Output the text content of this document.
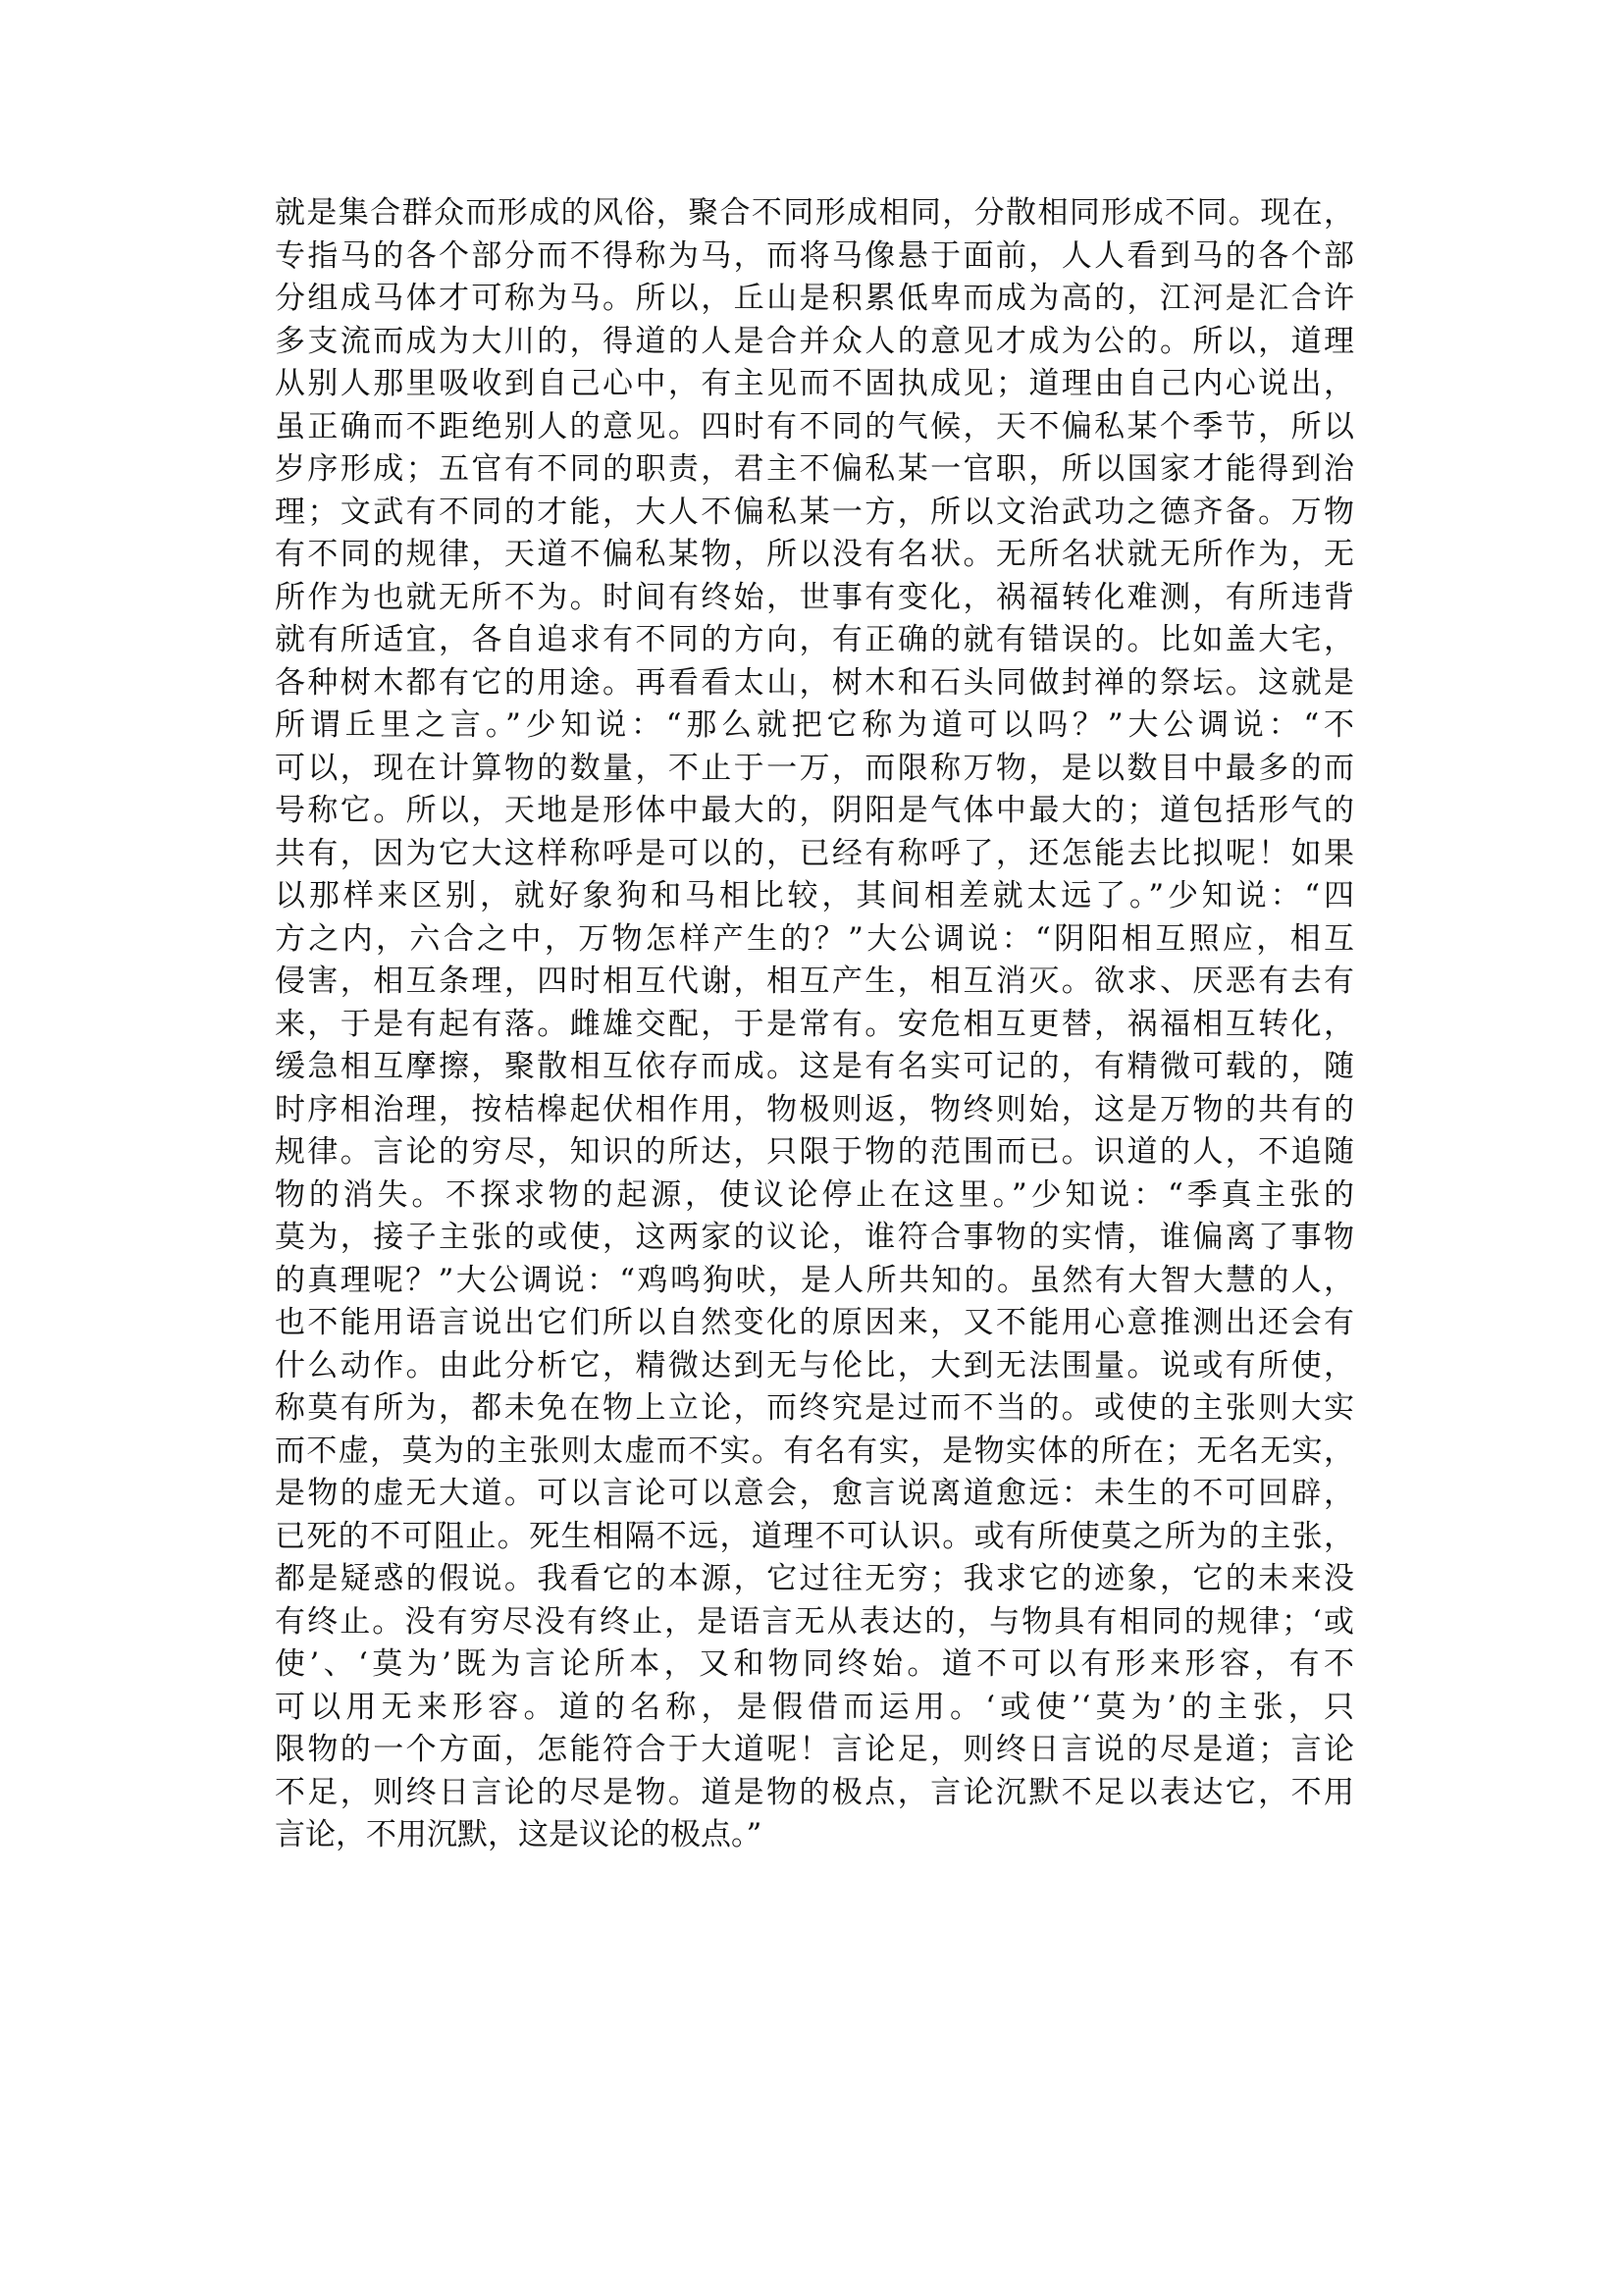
就是集合群众而形成的风俗，聚合不同形成相同，分散相同形成不同。现在，
专指马的各个部分而不得称为马，而将马像悬于面前，人人看到马的各个部
分组成马体才可称为马。所以，丘山是积累低卑而成为高的，江河是汇合许
多支流而成为大川的，得道的人是合并众人的意见才成为公的。所以，道理
从别人那里吸收到自己心中，有主见而不固执成见；道理由自己内心说出，
虽正确而不距绝别人的意见。四时有不同的气候，天不偏私某个季节，所以
岁序形成；五官有不同的职责，君主不偏私某一官职，所以国家才能得到治
理；文武有不同的才能，大人不偏私某一方，所以文治武功之德齐备。万物
有不同的规律，天道不偏私某物，所以没有名状。无所名状就无所作为，无
所作为也就无所不为。时间有终始，世事有变化，祸福转化难测，有所违背
就有所适宜，各自追求有不同的方向，有正确的就有错误的。比如盖大宅，
各种树木都有它的用途。再看看太山，树木和石头同做封禅的祭坛。这就是
所谓丘里之言。”少知说：“那么就把它称为道可以吗？”大公调说：“不
可以，现在计算物的数量，不止于一万，而限称万物，是以数目中最多的而
号称它。所以，天地是形体中最大的，阴阳是气体中最大的；道包括形气的
共有，因为它大这样称呼是可以的，已经有称呼了，还怎能去比拟呢！如果
以那样来区别，就好象狗和马相比较，其间相差就太远了。”少知说：“四
方之内，六合之中，万物怎样产生的？”大公调说：“阴阳相互照应，相互
侵害，相互条理，四时相互代谢，相互产生，相互消灭。欲求、厌恶有去有
来，于是有起有落。雌雄交配，于是常有。安危相互更替，祸福相互转化，
缓急相互摩擦，聚散相互依存而成。这是有名实可记的，有精微可载的，随
时序相治理，按桔槔起伏相作用，物极则返，物终则始，这是万物的共有的
规律。言论的穷尽，知识的所达，只限于物的范围而已。识道的人，不追随
物的消失。不探求物的起源，使议论停止在这里。”少知说：“季真主张的
莫为，接子主张的或使，这两家的议论，谁符合事物的实情，谁偏离了事物
的真理呢？”大公调说：“鸡鸣狗吠，是人所共知的。虽然有大智大慧的人，
也不能用语言说出它们所以自然变化的原因来，又不能用心意推测出还会有
什么动作。由此分析它，精微达到无与伦比，大到无法围量。说或有所使，
称莫有所为，都未免在物上立论，而终究是过而不当的。或使的主张则大实
而不虚，莫为的主张则太虚而不实。有名有实，是物实体的所在；无名无实，
是物的虚无大道。可以言论可以意会，愈言说离道愈远：未生的不可回辟，
已死的不可阻止。死生相隔不远，道理不可认识。或有所使莫之所为的主张，
都是疑惑的假说。我看它的本源，它过往无穷；我求它的迹象，它的未来没
有终止。没有穷尽没有终止，是语言无从表达的，与物具有相同的规律；‘或
使’、‘莫为’既为言论所本，又和物同终始。道不可以有形来形容，有不
可以用无来形容。道的名称，是假借而运用。‘或使’‘莫为’的主张，只
限物的一个方面，怎能符合于大道呢！言论足，则终日言说的尽是道；言论
不足，则终日言论的尽是物。道是物的极点，言论沉默不足以表达它，不用
言论，不用沉默，这是议论的极点。”
